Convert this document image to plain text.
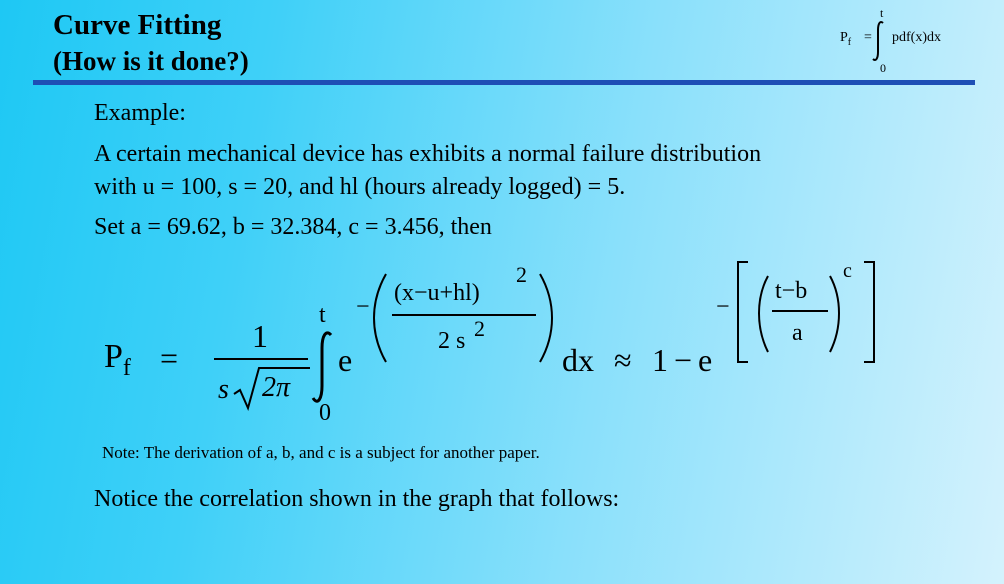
Curve Fitting
(How is it done?)
$P_f$ =
t
0
pdf(x)dx
Example:
A certain mechanical device has exhibits a normal failure distribution
with u = 100, s = 20, and hl (hours already logged) = 5.
Set a = 69.62, b = 32.384, c = 3.456, then
$P_f$ =
1
s 2π
t
0
e
−
(x−u+hl)
2
2 s 2
dx ≈ 1 − e
−
t−b
a
c
Note: The derivation of a, b, and c is a subject for another paper.
Notice the correlation shown in the graph that follows:
